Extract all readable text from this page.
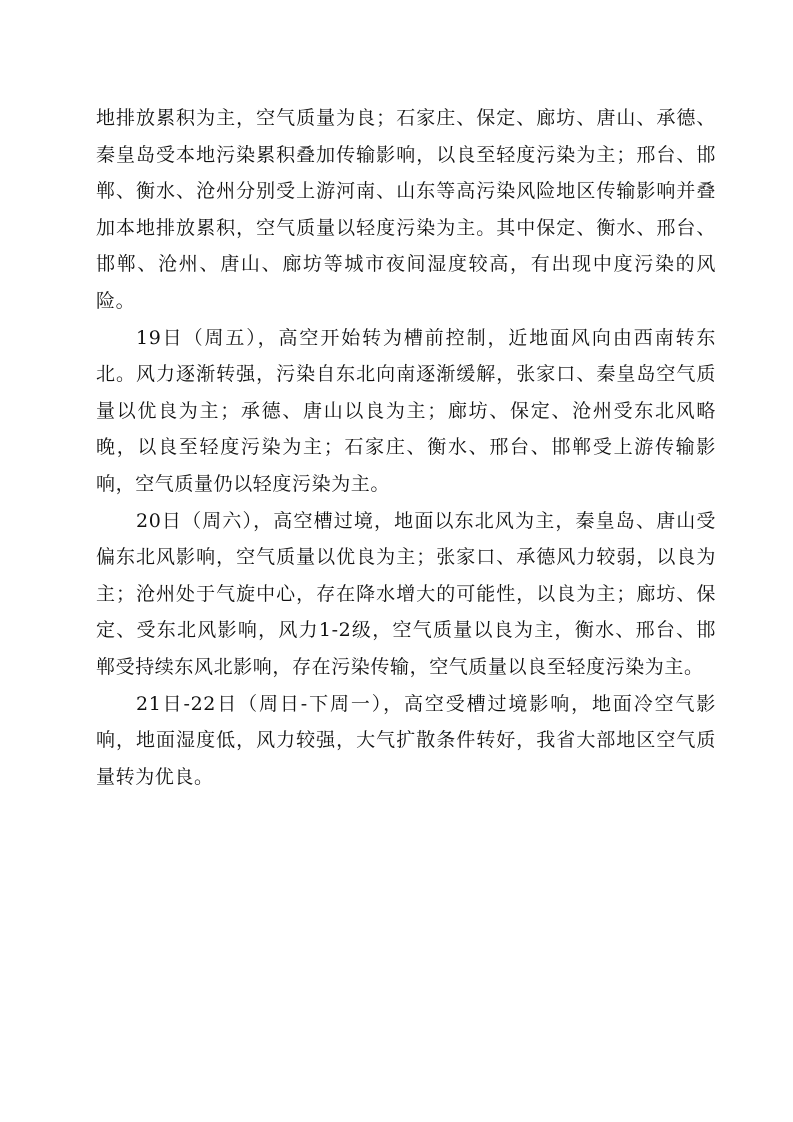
地排放累积为主，空气质量为良；石家庄、保定、廊坊、唐山、承德、秦皇岛受本地污染累积叠加传输影响，以良至轻度污染为主；邢台、邯郸、衡水、沧州分别受上游河南、山东等高污染风险地区传输影响并叠加本地排放累积，空气质量以轻度污染为主。其中保定、衡水、邢台、邯郸、沧州、唐山、廊坊等城市夜间湿度较高，有出现中度污染的风险。

19日（周五），高空开始转为槽前控制，近地面风向由西南转东北。风力逐渐转强，污染自东北向南逐渐缓解，张家口、秦皇岛空气质量以优良为主；承德、唐山以良为主；廊坊、保定、沧州受东北风略晚，以良至轻度污染为主；石家庄、衡水、邢台、邯郸受上游传输影响，空气质量仍以轻度污染为主。

20日（周六），高空槽过境，地面以东北风为主，秦皇岛、唐山受偏东北风影响，空气质量以优良为主；张家口、承德风力较弱，以良为主；沧州处于气旋中心，存在降水增大的可能性，以良为主；廊坊、保定、受东北风影响，风力1-2级，空气质量以良为主，衡水、邢台、邯郸受持续东风北影响，存在污染传输，空气质量以良至轻度污染为主。

21日-22日（周日-下周一），高空受槽过境影响，地面冷空气影响，地面湿度低，风力较强，大气扩散条件转好，我省大部地区空气质量转为优良。
